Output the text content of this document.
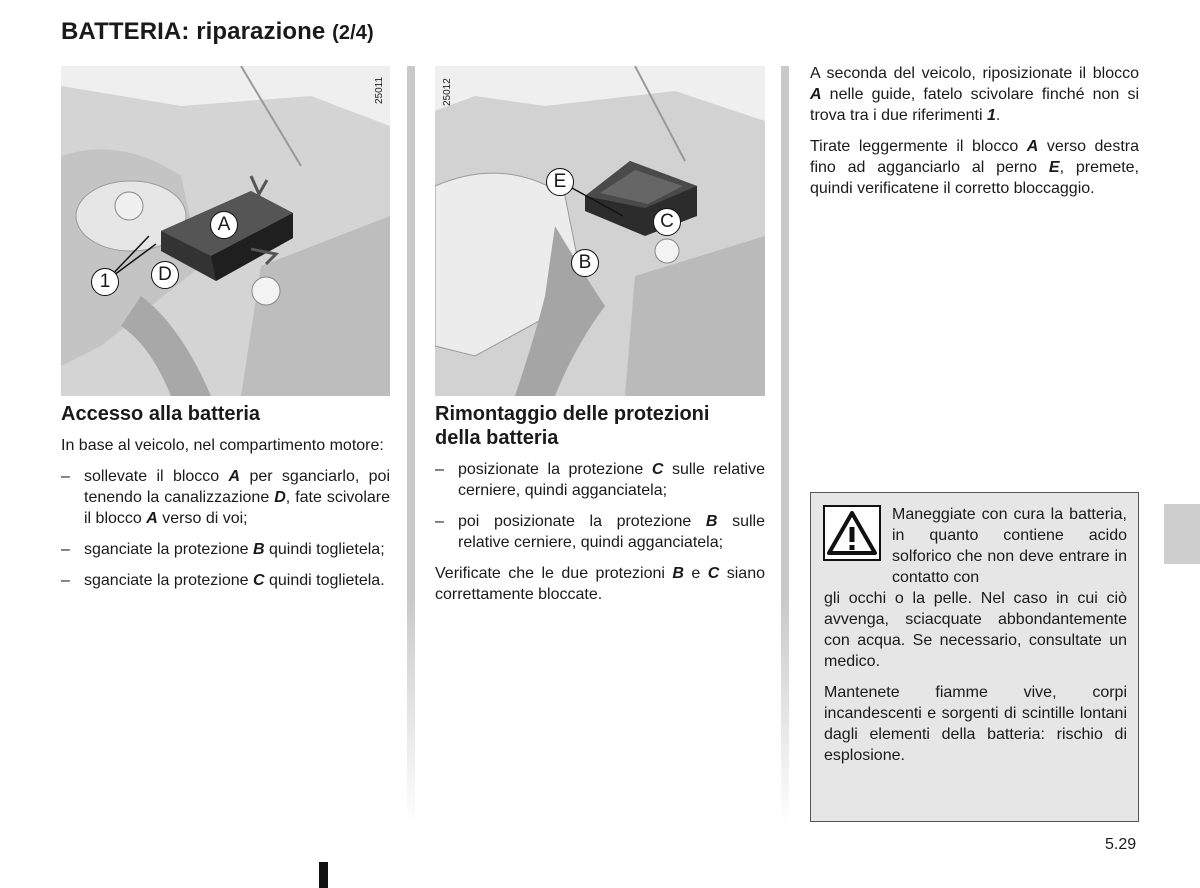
BATTERIA: riparazione (2/4)
25011
A
D
1
25012
E
C
B
Accesso alla batteria

In base al veicolo, nel compartimento motore:

– sollevate il blocco A per sganciarlo, poi tenendo la canalizzazione D, fate scivolare il blocco A verso di voi;
– sganciate la protezione B quindi toglietela;
– sganciate la protezione C quindi toglietela.
Rimontaggio delle protezioni
della batteria
– posizionate la protezione C sulle relative cerniere, quindi agganciatela;
– poi posizionate la protezione B sulle relative cerniere, quindi agganciatela;

Verificate che le due protezioni B e C siano correttamente bloccate.

A seconda del veicolo, riposizionate il blocco A nelle guide, fatelo scivolare finché non si trova tra i due riferimenti 1.

Tirate leggermente il blocco A verso destra fino ad agganciarlo al perno E, premete, quindi verificatene il corretto bloccaggio.

Maneggiate con cura la batteria, in quanto contiene acido solforico che non deve entrare in contatto con
gli occhi o la pelle. Nel caso in cui ciò avvenga, sciacquate abbondantemente con acqua. Se necessario, consultate un medico.

Mantenete fiamme vive, corpi incandescenti e sorgenti di scintille lontani dagli elementi della batteria: rischio di esplosione.

5.29
